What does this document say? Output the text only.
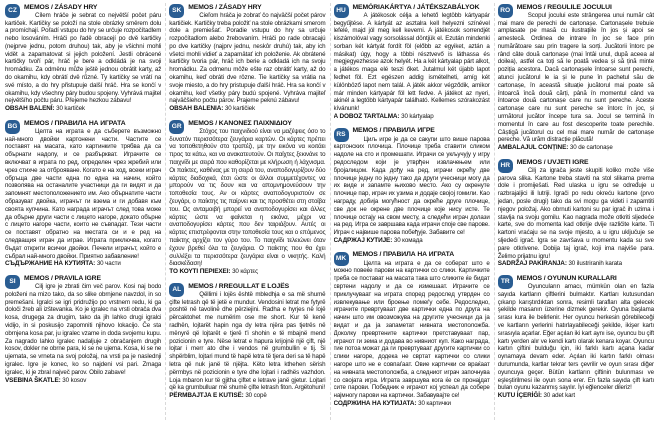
CZ	MEMOS / ZÁSADY HRY

Cílem hráče je sebrat co největší počet páru kartiček. Kartičky se položí na stole obrázky směrem dolu a promíchají. Pořadí vstupu do hry se určuje rozpočítadlem nebo losováním. Hráči po řadě obracejí po dvě kartičky (nejprve jednu, potom druhou) tak, aby je všichni mohli vidět a zapamatovat si jejich položení. Jestli obrácené kartičky tvoří pár, hráč je bere a odkládá je na svoji hromádku. Za odměnu může ještě jednou obrátit karty, až do okamihu, kdy obrátí dvě různé. Ty kartičky se vrátí na své místo, a do hry přistupuje další hráč. Hra se končí v okamihu, kdy všechny páry budou spojeny. Vyhrává majitel největšího počtu páru. Přejeme hezkou zábavu!

OBSAH BALENÍ: 30 kartiček

BG MEMOS / ПРАВИЛА НА ИГРАТА

Целта на играта е да съберете възможно най-много двойки картонени части. Частите се поставят на масата, като картинките трябва да са обърнати надолу, и се разбъркват. Играчите се включват в играта по ред, определен чрез жребий или чрез стихче за отброяване. Когато е на ход, всеки играч обръща две части една по една на начин, който позволява на останалите участници да ги видят и да запомнят местоположението им. Ако обърнатите части образуват двойка, играчът ги взема и ги добавя към своята купчина. Като награда играчът след това може да обърне други части с лицето нагоре, докато обърне с лицето нагоре части, които не съвпадат. Тези части се поставят обратно на местата си и е ред на следващия играч да играе. Играта приключва, когато бъдат открити всички двойки. Печели играчът, който е събрал най-много двойки. Приятно забавление!

СЪДЪРЖАНИЕ НА КУТИЯТА: 30 части

SI	MEMOS / PRAVILA IGRE

Cilj igre je zbrati čim več parov. Kosi naj bodo položeni na mizo tako, da so slike obrnjene navzdol, in so premešani. Igralci se igri pridružijo po vrstnem redu, ki ga določi žreb ali izštevanka. Ko je igralec na vrsti obrača dva kosa, drugega za drugim, tako da jih lahko drugi igralci vidijo, in si poskusijo zapomniti njihovo lokacijo. Če sta obrnjena kosa par, ju igralec vzame in doda svojemu kupu. Za nagrado lahko igralec nadaljuje z obračanjem drugih kosov, dokler ne obrne para, ki se ne ujema. Kosa, ki se ne ujemata, se vrneta na svoj položaj, na vrsti pa je naslednji igralec. Igre je konec, ko so najdeni vsi pari. Zmaga igralec, ki je zbral največ parov. Obilo zabave!

VSEBINA ŠKATLE: 30 kosov

SK	MEMOS / ZÁSADY HRY

Cieľom hráča je zobrať čo najväčší počet párov kartičiek. Kartičky treba položiť na stole obrázkami smerom dole a premiešať. Poradie vstupu do hry sa určuje rozpočítadlom alebo žrebovaním. Hráči po rade obracajú po dve kartičky (najprv jednu, neskôr druhú) tak, aby ich všetci mohli vidieť a zapamätať ich položenie. Ak obrátené kartičky tvoria pár, hráč ich berie a odkladá ich na svoju hromádku. Za odmenu môže ešte raz obrátiť karty, až do okamihu, keď obráti dve rôzne. Tie kartičky sa vrátia na svoje miesto, a do hry pristupuje ďalší hráč. Hra sa končí v okamihu, keď všetky páry budú spojené. Vyhráva majiteľ najväčšieho počtu párov. Prajeme peknú zábavu!

OBSAH BALENIA: 30 kartičiek

GR MEMOS / ΚΑΝΟΝΕΣ ΠΑΙΧΝΙΔΙΟΥ

Στόχος του παιχνιδιού είναι να μαζέψεις όσο το δυνατόν περισσότερα ζευγάρια καρτών. Οι κάρτες πρέπει να τοποθετηθούν στο τραπέζι, με την εικόνα να κοιτάει προς τα κάτω, και να ανακατευτούν. Οι παίχτες ξεκινάνε το παιχνίδι με σειρά που καθορίζεται με κλήρωση ή λάχνισμα. Οι παίκτες, καθένας με τη σειρά του, αναποδογυρίζουν δύο κάρτες διαδοχικά, έτσι ώστε οι άλλοι συμμετέχοντες να μπορούν να τις δουν και να απομνημονεύσουν την τοποθεσία τους. Αν οι κάρτες αναποδογυριστούν σε ζευγάρι, ο παίκτης τις παίρνει και τις προσθέτει στη στοίβα του. Ως ανταμοιβή μπορεί να αναποδογυρίσει και άλλες κάρτες ώστε να φαίνεται η εικόνα, μέχρι να αναποδογυρίσει κάρτες που δεν ταιριάζουν. Αυτές οι κάρτες επιστρέφονται στην τοποθεσία τους και ο επόμενος παίκτης αρχίζει τον γύρο του. Το παιχνίδι τελειώνει όταν έχουν βρεθεί όλα τα ζευγάρια. Ο παίκτης που θα έχει συλλέξει τα περισσότερα ζευγάρια είναι ο νικητής. Καλή διασκέδαση!

ΤΟ ΚΟΥΤΙ ΠΕΡΙΕΧΕΙ: 30 κάρτες

AL	MEMOS / RREGULLAT E LOJËS

Qëllimi i lojës është mbledhja e sa më shumë çifte letrash që të jetë e mundur. Vendosini letrat me fytyrë poshtë në tavolinë dhe përziejini. Radha e hyrjes në lojë përcaktohet me numërim ose me short. Kur të kenë radhën, lojtarët hapin nga dy letra njëra pas tjetrës në mënyrë që lojtarët e tjerë t'i shohin e të mbajnë mend pozicionin e tyre. Nëse letrat e hapura krijojnë një çift, një lojtar i merr ato dhe i vendos në grumbullin e tij. Si shpërblim, lojtari mund të hapë letra të tjera deri sa të hapë letra që nuk janë të njëjta. Këto letra kthehen sërish përmbys në pozicionin e tyre dhe lojtari i radhës vazhdon. Loja mbaron kur të gjitha çiftet e letrave janë gjetur. Lojtari që ka grumbulluar më shumë çifte letrash fiton. Argëtohuni!

PËRMBAJTJA E KUTISË: 30 copë

HU MEMÓRIAKÁRTYA / JÁTÉKSZABÁLYOK

A játékosok célja a lehető legtöbb kártyapár begyűjtése. A kártyát az asztalra kell helyezni színével lefelé, majd jól meg kell keverni. A játékosok sorrendjét kiszámolóval vagy sorsolással döntjük el. Ezután mindenki sorban két kártyát fordít föl (előbb az egyiket, aztán a másikat) úgy, hogy a többi résztvevő is láthassa és megjegyezhesse azok helyét. Ha a két kártyalap párt alkot, a játékos maga elé teszi őket. Jutalmul két újabb lapot fedhet föl. Ezt egészen addig ismételheti, amíg két különböző lapot nem talál. A játék akkor végződik, amikor már minden kártyapár föl lett fedve. A játékot az nyeri, akinél a legtöbb kártyapár található. Kellemes szórakozást kívánunk!

A DOBOZ TARTALMA: 30 kártyalap

RS	MEMOS / ПРАВИЛА ИГРЕ

Циљ игре је да се сакупи што више парова картонских плочица. Плочице треба ставити сликом надоле на сто и промешати. Играчи се укључују у игру редоследом који је утврђен извлачењем или бројалицом. Када дођу на ред, играчи окрећу две плочице једну по једну тако да други учесници могу да их виде и запамте њихово место. Ако су окренуте плочице пар, играч их узима и додаје својој гомили. Као награду, добија могућност да окреће друге плочице, све док не окрене две плочице које нису исте. Те плочице остају на свом месту, а следећи играч долази на ред. Игра се завршава када играчи споје све парове. Играч с највише парова побеђује. Забавите се!

САДРЖАЈ КУТИЈЕ: 30 комада

MK MEMOS / ПРАВИЛА НА ИГРАТА

Целта на играта е да се соберат што е можно повеќе парови на картички со слики. Картичките треба се постават на масата така што сликите ќе бидат свртени надолу и да се измешаат. Играчите се приклучуваат на играта според редослед утврден со извлекување или броење помеѓу себе. Редоследно, играчите превртуваат две картички една по друга на начин што им овозможува на другите учесници да ја видат и да ја запаметат нивната местоположба. Доколку превртените картички претставуваат пар, играчот ги зема и додава во нивниот куп. Како награда, тие потоа можат да ги превртуваат другите картички со слики нагоре, додека не свртат картички со слики нагоре што не е совпаѓаат. Овие картички се враќаат на нивната местоположба, а следниот играч започнува со својата игра. Играта завршува кога ќе се пронајдат сите парови. Победник е играчот кој успеал да собере најмногу парови на картички. Забавувајте се!

СОДРЖИНА НА КУТИЈАТА: 30 картички

RO MEMOS / REGULILE JOCULUI

Scopul jocului este strângerea unui număr cât mai mare de perechi de cartonașe. Cartonașele trebuie amplasate pe masă cu ilustrațiile în jos și apoi se amestecă. Ordinea de intrare în joc se face prin numărătoare sau prin tragere la sorți. Jucătorii întorc pe rând câte două cartonașe (mai întâi unul, după aceea al doilea), astfel ca toți să le poată vedea și să țină minte poziția acestora. Dacă cartonașele întoarse sunt perechi, atunci jucătorul le ia și le pune în pachetul său de cartonașe, în această situație jucătorul mai poate să întoarcă încă două cărți, până în momentul când va întoarce două cartonașe care nu sunt pereche. Aceste cartonașe care nu sunt pereche se întorc în joc, și următorul jucător începe tura sa. Jocul se termină în momentul în care au fost descoperite toate perechile. Câștigă jucătorul cu cel mai mare număr de cartonașe pereche. Vă urăm distracție plăcută!

AMBALAJUL CONȚINE: 30 de cartonașe

HR MEMOS / UVJETI IGRE

Cilj za igrača jeste skupiti koliko može više parova slika. Kartone treba staviti na stol slikama prema dole i promiješati. Red ulaska u igru se određuje u razbrajaljici ili lutriji. Igrači po redu okreću kartone (prvo jedan, posle drugi) tako da svi mogu ga videti i zapamtiti njegov položaj. Ako obrnuti kartoni su par igrač ih uzima i stavlja na svoju gomilu. Kao nagrada može otkriti sljedeće karte, sve do momenta kad otkrije dvije različite karte. Ti kartoni vraćaju se na svoje mjesto, a u igru uključuje se sljedeći igrač. Igra se završava u momentu kada su sve pare otkrivene. Dobija taj igrač, koji ima najviše para. Želimo prijatnu igru!

SADRŽAJ PAKIRANJA: 30 ilustriranih karata

TR	MEMOS / OYUNUN KURALLARI

Oyuncuların amacı, mümkün olan en fazla sayıda kartların çiftlerini bulmaktır. Kartları kutusundan çıkarıp karıştırdıktan sonra, resimli tarafları alta gelecek şekilde masanın üzerine dizmek gerekir. Oyuna başlama sırası kura ile belirlenir. Her oyuncu herkesin görebileceği ve kartların yerlerini hatırlayabileceği şekilde, ikişer kartı sırasıyla açarlar. Eğer açılan iki kart aynı ise, oyuncu bu çift kartı yerden alır ve kendi kartı olarak kenara koyar. Oyuncu kartın çiftini bulduğu için, iki farklı kartı açana kadar oynamaya devam eder. Açılan iki kartın farklı olması durumunda, kartlar tekrar ters çevrilir ve oyun sırası diğer oyuncuya geçer. Bütün kartların çiftinin bulunması ve eşleştirilmesi ile oyun sona erer. En fazla sayıda çift kartı bulan oyunu kazanmış sayılır. İyi eğlenceler dileriz!

KUTU İÇERİĞİ: 30 adet kart
